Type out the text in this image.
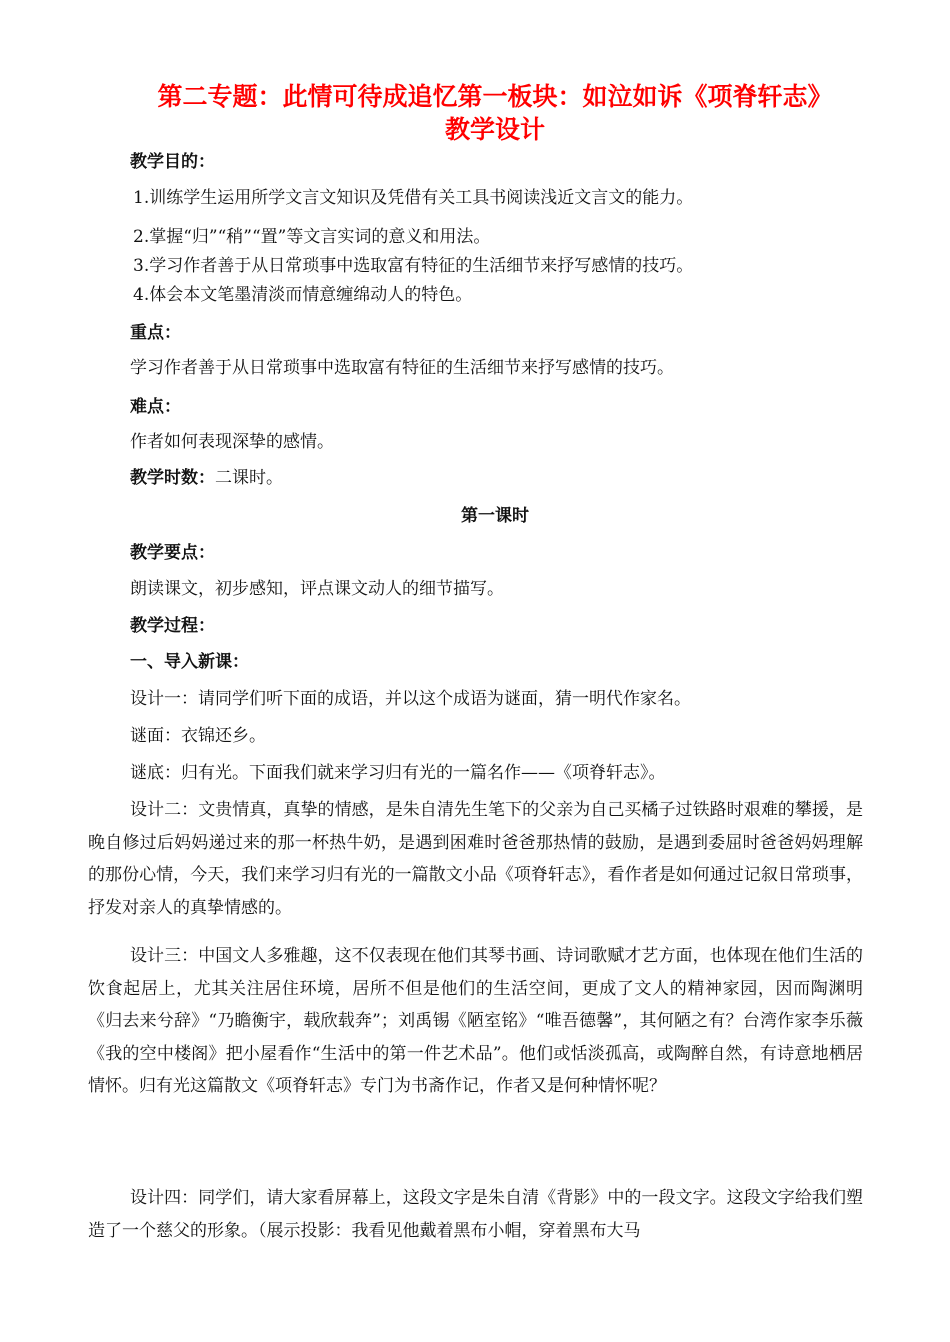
第二专题：此情可待成追忆第一板块：如泣如诉《项脊轩志》
教学设计
教学目的：
1.训练学生运用所学文言文知识及凭借有关工具书阅读浅近文言文的能力。
2.掌握“归”“稍”“置”等文言实词的意义和用法。
3.学习作者善于从日常琐事中选取富有特征的生活细节来抒写感情的技巧。
4.体会本文笔墨清淡而情意缠绵动人的特色。
重点：
学习作者善于从日常琐事中选取富有特征的生活细节来抒写感情的技巧。
难点：
作者如何表现深挚的感情。
教学时数：二课时。
第一课时
教学要点：
朗读课文，初步感知，评点课文动人的细节描写。
教学过程：
一、导入新课：
设计一：请同学们听下面的成语，并以这个成语为谜面，猜一明代作家名。
谜面：衣锦还乡。
谜底：归有光。下面我们就来学习归有光的一篇名作——《项脊轩志》。
设计二：文贵情真，真挚的情感，是朱自清先生笔下的父亲为自己买橘子过铁路时艰难的攀援，是晚自修过后妈妈递过来的那一杯热牛奶，是遇到困难时爸爸那热情的鼓励，是遇到委屈时爸爸妈妈理解的那份心情，今天，我们来学习归有光的一篇散文小品《项脊轩志》，看作者是如何通过记叙日常琐事，抒发对亲人的真挚情感的。
设计三：中国文人多雅趣，这不仅表现在他们其琴书画、诗词歌赋才艺方面，也体现在他们生活的饮食起居上，尤其关注居住环境，居所不但是他们的生活空间，更成了文人的精神家园，因而陶渊明《归去来兮辞》“乃瞻衡宇，载欣载奔”；刘禹锡《陋室铭》“唯吾德馨”，其何陋之有？台湾作家李乐薇《我的空中楼阁》把小屋看作“生活中的第一件艺术品”。他们或恬淡孤高，或陶醉自然，有诗意地栖居情怀。归有光这篇散文《项脊轩志》专门为书斋作记，作者又是何种情怀呢？
设计四：同学们，请大家看屏幕上，这段文字是朱自清《背影》中的一段文字。这段文字给我们塑造了一个慈父的形象。（展示投影：我看见他戴着黑布小帽，穿着黑布大马
